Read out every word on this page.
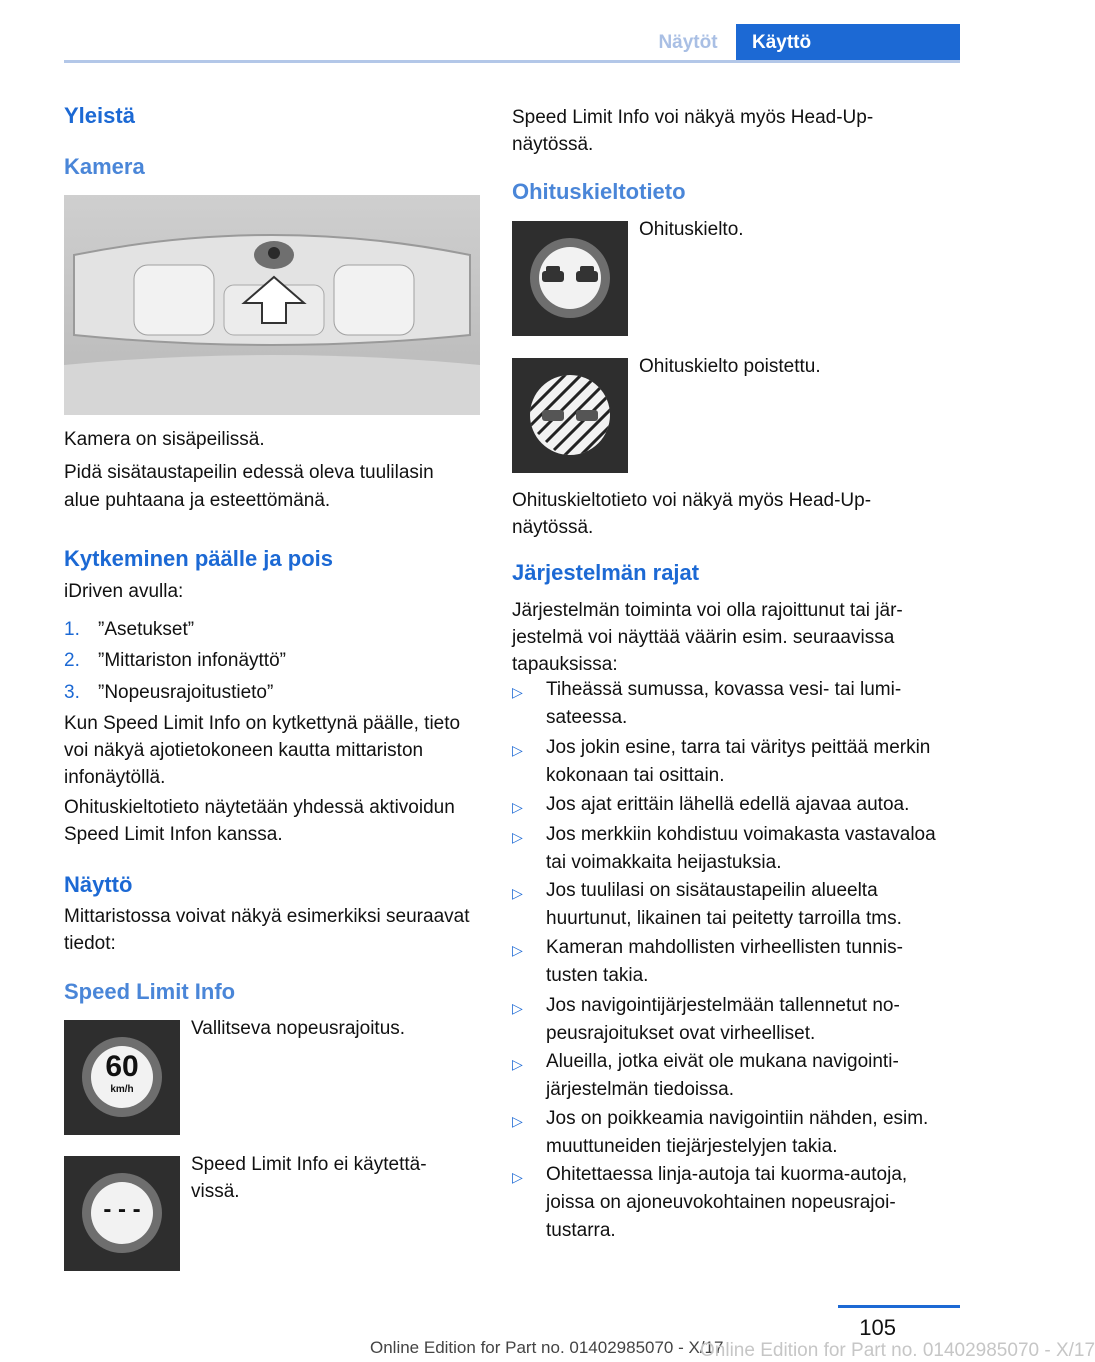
Näytöt	Käyttö
Yleistä
Kamera
Kamera on sisäpeilissä.
Pidä sisätaustapeilin edessä oleva tuulilasin alue puhtaana ja esteettömänä.
Kytkeminen päälle ja pois
iDriven avulla:
1. ”Asetukset”
2. ”Mittariston infonäyttö”
3. ”Nopeusrajoitustieto”
Kun Speed Limit Info on kytkettynä päälle, tieto voi näkyä ajotietokoneen kautta mittariston infonäytöllä.
Ohituskieltotieto näytetään yhdessä aktivoidun Speed Limit Infon kanssa.
Näyttö
Mittaristossa voivat näkyä esimerkiksi seuraavat tiedot:
Speed Limit Info
60
km/h
Vallitseva nopeusrajoitus.
- - -
Speed Limit Info ei käytettävissä.
Speed Limit Info voi näkyä myös Head-Up-näytössä.
Ohituskieltotieto
Ohituskielto.
Ohituskielto poistettu.
Ohituskieltotieto voi näkyä myös Head-Up-näytössä.
Järjestelmän rajat
Järjestelmän toiminta voi olla rajoittunut tai järjestelmä voi näyttää väärin esim. seuraavissa tapauksissa:
▷ Tiheässä sumussa, kovassa vesi- tai lumisateessa.
▷ Jos jokin esine, tarra tai väritys peittää merkin kokonaan tai osittain.
▷ Jos ajat erittäin lähellä edellä ajavaa autoa.
▷ Jos merkkiin kohdistuu voimakasta vastavaloa tai voimakkaita heijastuksia.
▷ Jos tuulilasi on sisätaustapeilin alueelta huurtunut, likainen tai peitetty tarroilla tms.
▷ Kameran mahdollisten virheellisten tunnistusten takia.
▷ Jos navigointijärjestelmään tallennetut nopeusrajoitukset ovat virheelliset.
▷ Alueilla, jotka eivät ole mukana navigointijärjestelmän tiedoissa.
▷ Jos on poikkeamia navigointiin nähden, esim. muuttuneiden tiejärjestelyjen takia.
▷ Ohitettaessa linja-autoja tai kuorma-autoja, joissa on ajoneuvokohtainen nopeusrajoitustarra.
105
Online Edition for Part no. 01402985070 - X/17
Online Edition for Part no. 01402985070 - X/17
